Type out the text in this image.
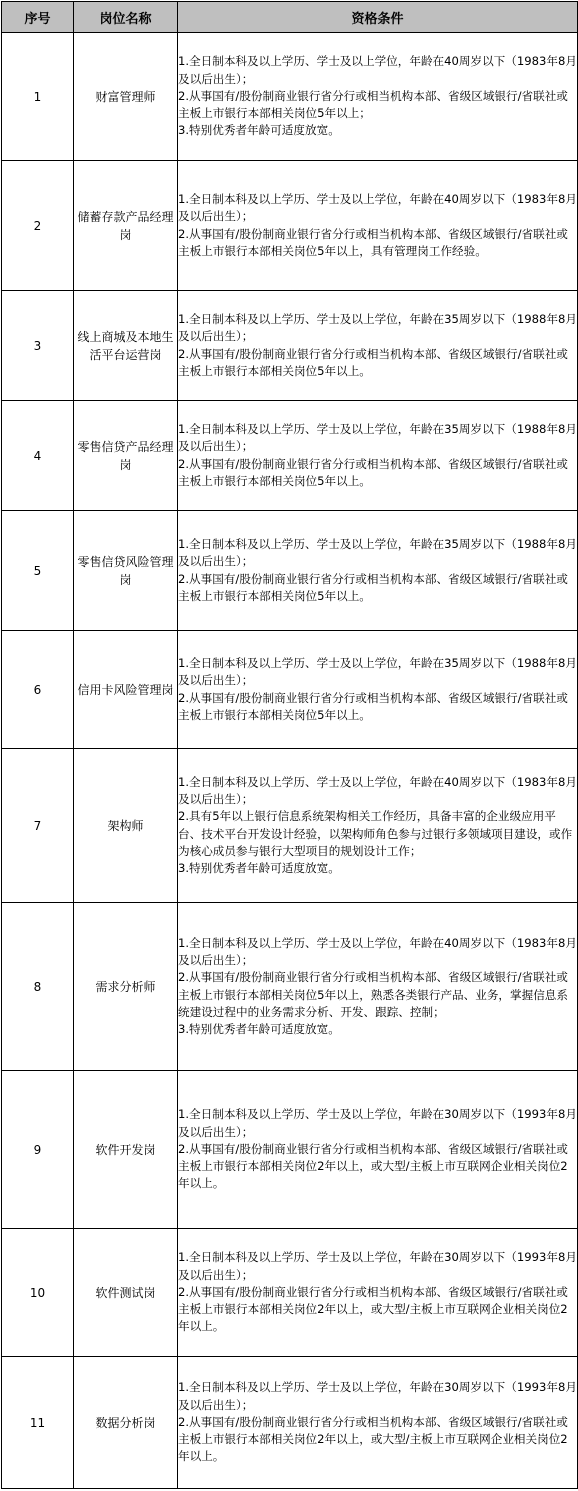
序号	岗位名称	资格条件
1	财富管理师	1.全日制本科及以上学历、学士及以上学位，年龄在40周岁以下（1983年8月及以后出生）；
2.从事国有/股份制商业银行省分行或相当机构本部、省级区域银行/省联社或主板上市银行本部相关岗位5年以上；
3.特别优秀者年龄可适度放宽。

2	储蓄存款产品经理岗	1.全日制本科及以上学历、学士及以上学位，年龄在40周岁以下（1983年8月及以后出生）；
2.从事国有/股份制商业银行省分行或相当机构本部、省级区域银行/省联社或主板上市银行本部相关岗位5年以上，具有管理岗工作经验。

3	线上商城及本地生活平台运营岗	1.全日制本科及以上学历、学士及以上学位，年龄在35周岁以下（1988年8月及以后出生）；
2.从事国有/股份制商业银行省分行或相当机构本部、省级区域银行/省联社或主板上市银行本部相关岗位5年以上。

4	零售信贷产品经理岗	1.全日制本科及以上学历、学士及以上学位，年龄在35周岁以下（1988年8月及以后出生）；
2.从事国有/股份制商业银行省分行或相当机构本部、省级区域银行/省联社或主板上市银行本部相关岗位5年以上。

5	零售信贷风险管理岗	1.全日制本科及以上学历、学士及以上学位，年龄在35周岁以下（1988年8月及以后出生）；
2.从事国有/股份制商业银行省分行或相当机构本部、省级区域银行/省联社或主板上市银行本部相关岗位5年以上。

6	信用卡风险管理岗	1.全日制本科及以上学历、学士及以上学位，年龄在35周岁以下（1988年8月及以后出生）；
2.从事国有/股份制商业银行省分行或相当机构本部、省级区域银行/省联社或主板上市银行本部相关岗位5年以上。

7	架构师	1.全日制本科及以上学历、学士及以上学位，年龄在40周岁以下（1983年8月及以后出生）；
2.具有5年以上银行信息系统架构相关工作经历，具备丰富的企业级应用平台、技术平台开发设计经验，以架构师角色参与过银行多领域项目建设，或作为核心成员参与银行大型项目的规划设计工作；
3.特别优秀者年龄可适度放宽。

8	需求分析师	1.全日制本科及以上学历、学士及以上学位，年龄在40周岁以下（1983年8月及以后出生）；
2.从事国有/股份制商业银行省分行或相当机构本部、省级区域银行/省联社或主板上市银行本部相关岗位5年以上，熟悉各类银行产品、业务，掌握信息系统建设过程中的业务需求分析、开发、跟踪、控制；
3.特别优秀者年龄可适度放宽。

9	软件开发岗	1.全日制本科及以上学历、学士及以上学位，年龄在30周岁以下（1993年8月及以后出生）；
2.从事国有/股份制商业银行省分行或相当机构本部、省级区域银行/省联社或主板上市银行本部相关岗位2年以上，或大型/主板上市互联网企业相关岗位2年以上。

10	软件测试岗	1.全日制本科及以上学历、学士及以上学位，年龄在30周岁以下（1993年8月及以后出生）；
2.从事国有/股份制商业银行省分行或相当机构本部、省级区域银行/省联社或主板上市银行本部相关岗位2年以上，或大型/主板上市互联网企业相关岗位2年以上。

11	数据分析岗	1.全日制本科及以上学历、学士及以上学位，年龄在30周岁以下（1993年8月及以后出生）；
2.从事国有/股份制商业银行省分行或相当机构本部、省级区域银行/省联社或主板上市银行本部相关岗位2年以上，或大型/主板上市互联网企业相关岗位2年以上。
